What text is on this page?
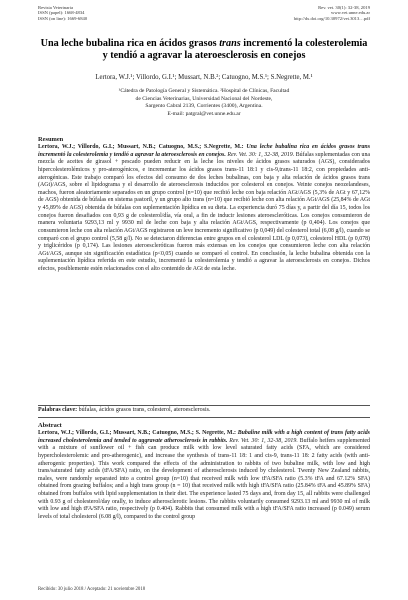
Revista Veterinaria
ISSN (papel): 1668-4834
ISSN (on line): 1669-6840
Rev. vet. 30(1): 32-38, 2019
www.vet.unne.edu.ar
http://dx.doi.org/10.30972/vet.3013…pdf
Una leche bubalina rica en ácidos grasos trans incrementó la colesterolemia y tendió a agravar la ateroesclerosis en conejos
Lertora, W.J.¹; Villordo, G.I.¹; Mussart, N.B.²; Catuogno, M.S.¹; S.Negrette, M.¹
¹Cátedra de Patología General y Sistemática. ²Hospital de Clínicas, Facultad
de Ciencias Veterinarias, Universidad Nacional del Nordeste,
Sargento Cabral 2139, Corrientes (3400), Argentina.
E-mail: patgral@vet.unne.edu.ar
Resumen
Lertora, W.J.; Villordo, G.I.; Mussart, N.B.; Catuogno, M.S.; S.Negrette, M.: Una leche bubalina rica en ácidos grasos trans incrementó la colesterolemia y tendió a agravar la ateroesclerosis en conejos. Rev. Vet. 30: 1, 32-38, 2019. Búfalas suplementadas con una mezcla de aceites de girasol + pescado pueden reducir en la leche los niveles de ácidos grasos saturados (AGS), considerados hipercolesterolémicos y pro-aterogénicos, e incrementar los ácidos grasos trans-11 18:1 y cis-9,trans-11 18:2, con propiedades anti-aterogénicas. Este trabajo comparó los efectos del consumo de dos leches bubalinas, con baja y alta relación de ácidos grasos trans (AGt)/AGS, sobre el lipidograma y el desarrollo de ateroesclerosis inducidos por colesterol en conejos. Veinte conejos neozelandeses, machos, fueron aleatoriamente separados en un grupo control (n=10) que recibió leche con baja relación AGt/AGS (5,3% de AGt y 67,12% de AGS) obtenida de búfalas en sistema pastoril, y un grupo alto trans (n=10) que recibió leche con alta relación AGt/AGS (25,84% de AGt y 45,89% de AGS) obtenida de búfalas con suplementación lipídica en su dieta. La experiencia duró 75 días y, a partir del día 15, todos los conejos fueron desafiados con 0,93 g de colesterol/día, vía oral, a fin de inducir lesiones ateroescleróticas. Los conejos consumieron de manera voluntaria 9293,13 ml y 9930 ml de leche con baja y alta relación AGt/AGS, respectivamente (p 0,404). Los conejos que consumieron leche con alta relación AGt/AGS registraron un leve incremento significativo (p 0,049) del colesterol total (6,08 g/l), cuando se comparó con el grupo control (5,58 g/l). No se detectaron diferencias entre grupos en el colesterol LDL (p 0,073), colesterol HDL (p 0,078) y triglicéridos (p 0,174). Las lesiones ateroescleróticas fueron más extensas en los conejos que consumieron leche con alta relación AGt/AGS, aunque sin significación estadística (p<0,05) cuando se comparó el control. En conclusión, la leche bubalina obtenida con la suplementación lipídica referida en este estudio, incrementó la colesterolemia y tendió a agravar la ateroesclerosis en conejos. Dichos efectos, posiblemente estén relacionados con el alto contenido de AGt de esta leche.
Palabras clave: búfalas, ácidos grasos trans, colesterol, ateroesclerosis.
Abstract
Lertora, W.J.; Villordo, G.I.; Mussart, N.B.; Catuogno, M.S.; S. Negrette, M.: Bubaline milk with a high content of trans fatty acids increased cholesterolemia and tended to aggravate atherosclerosis in rabbits. Rev. Vet. 30: 1, 32-38, 2019. Buffalo heifers supplemented with a mixture of sunflower oil + fish can produce milk with low level saturated fatty acids (SFA, which are considered hypercholesterolemic and pro-atherogenic), and increase the synthesis of trans-11 18: 1 and cis-9, trans-11 18: 2 fatty acids (with anti-atherogenic properties). This work compared the effects of the administration to rabbits of two bubaline milk, with low and high trans/saturated fatty acids (tFA/SFA) ratio, on the development of atherosclerosis induced by cholesterol. Twenty New Zealand rabbits, males, were randomly separated into a control group (n=10) that received milk with low tFA/SFA ratio (5.3% tFA and 67.12% SFA) obtained from grazing buffalos; and a high trans group (n = 10) that received milk with high tFA/SFA ratio (25.84% tFA and 45.89% SFA) obtained from buffalos with lipid supplementation in their diet. The experience lasted 75 days and, from day 15, all rabbits were challenged with 0.93 g of cholesterol/day orally, to induce atherosclerotic lesions. The rabbits voluntarily consumed 9293.13 ml and 9930 ml of milk with low and high tFA/SFA ratio, respectively (p 0.404). Rabbits that consumed milk with a high tFA/SFA ratio increased (p 0.049) serum levels of total cholesterol (6.08 g/l), compared to the control group
Recibido: 30 julio 2018 / Aceptado: 21 noviembre 2018
